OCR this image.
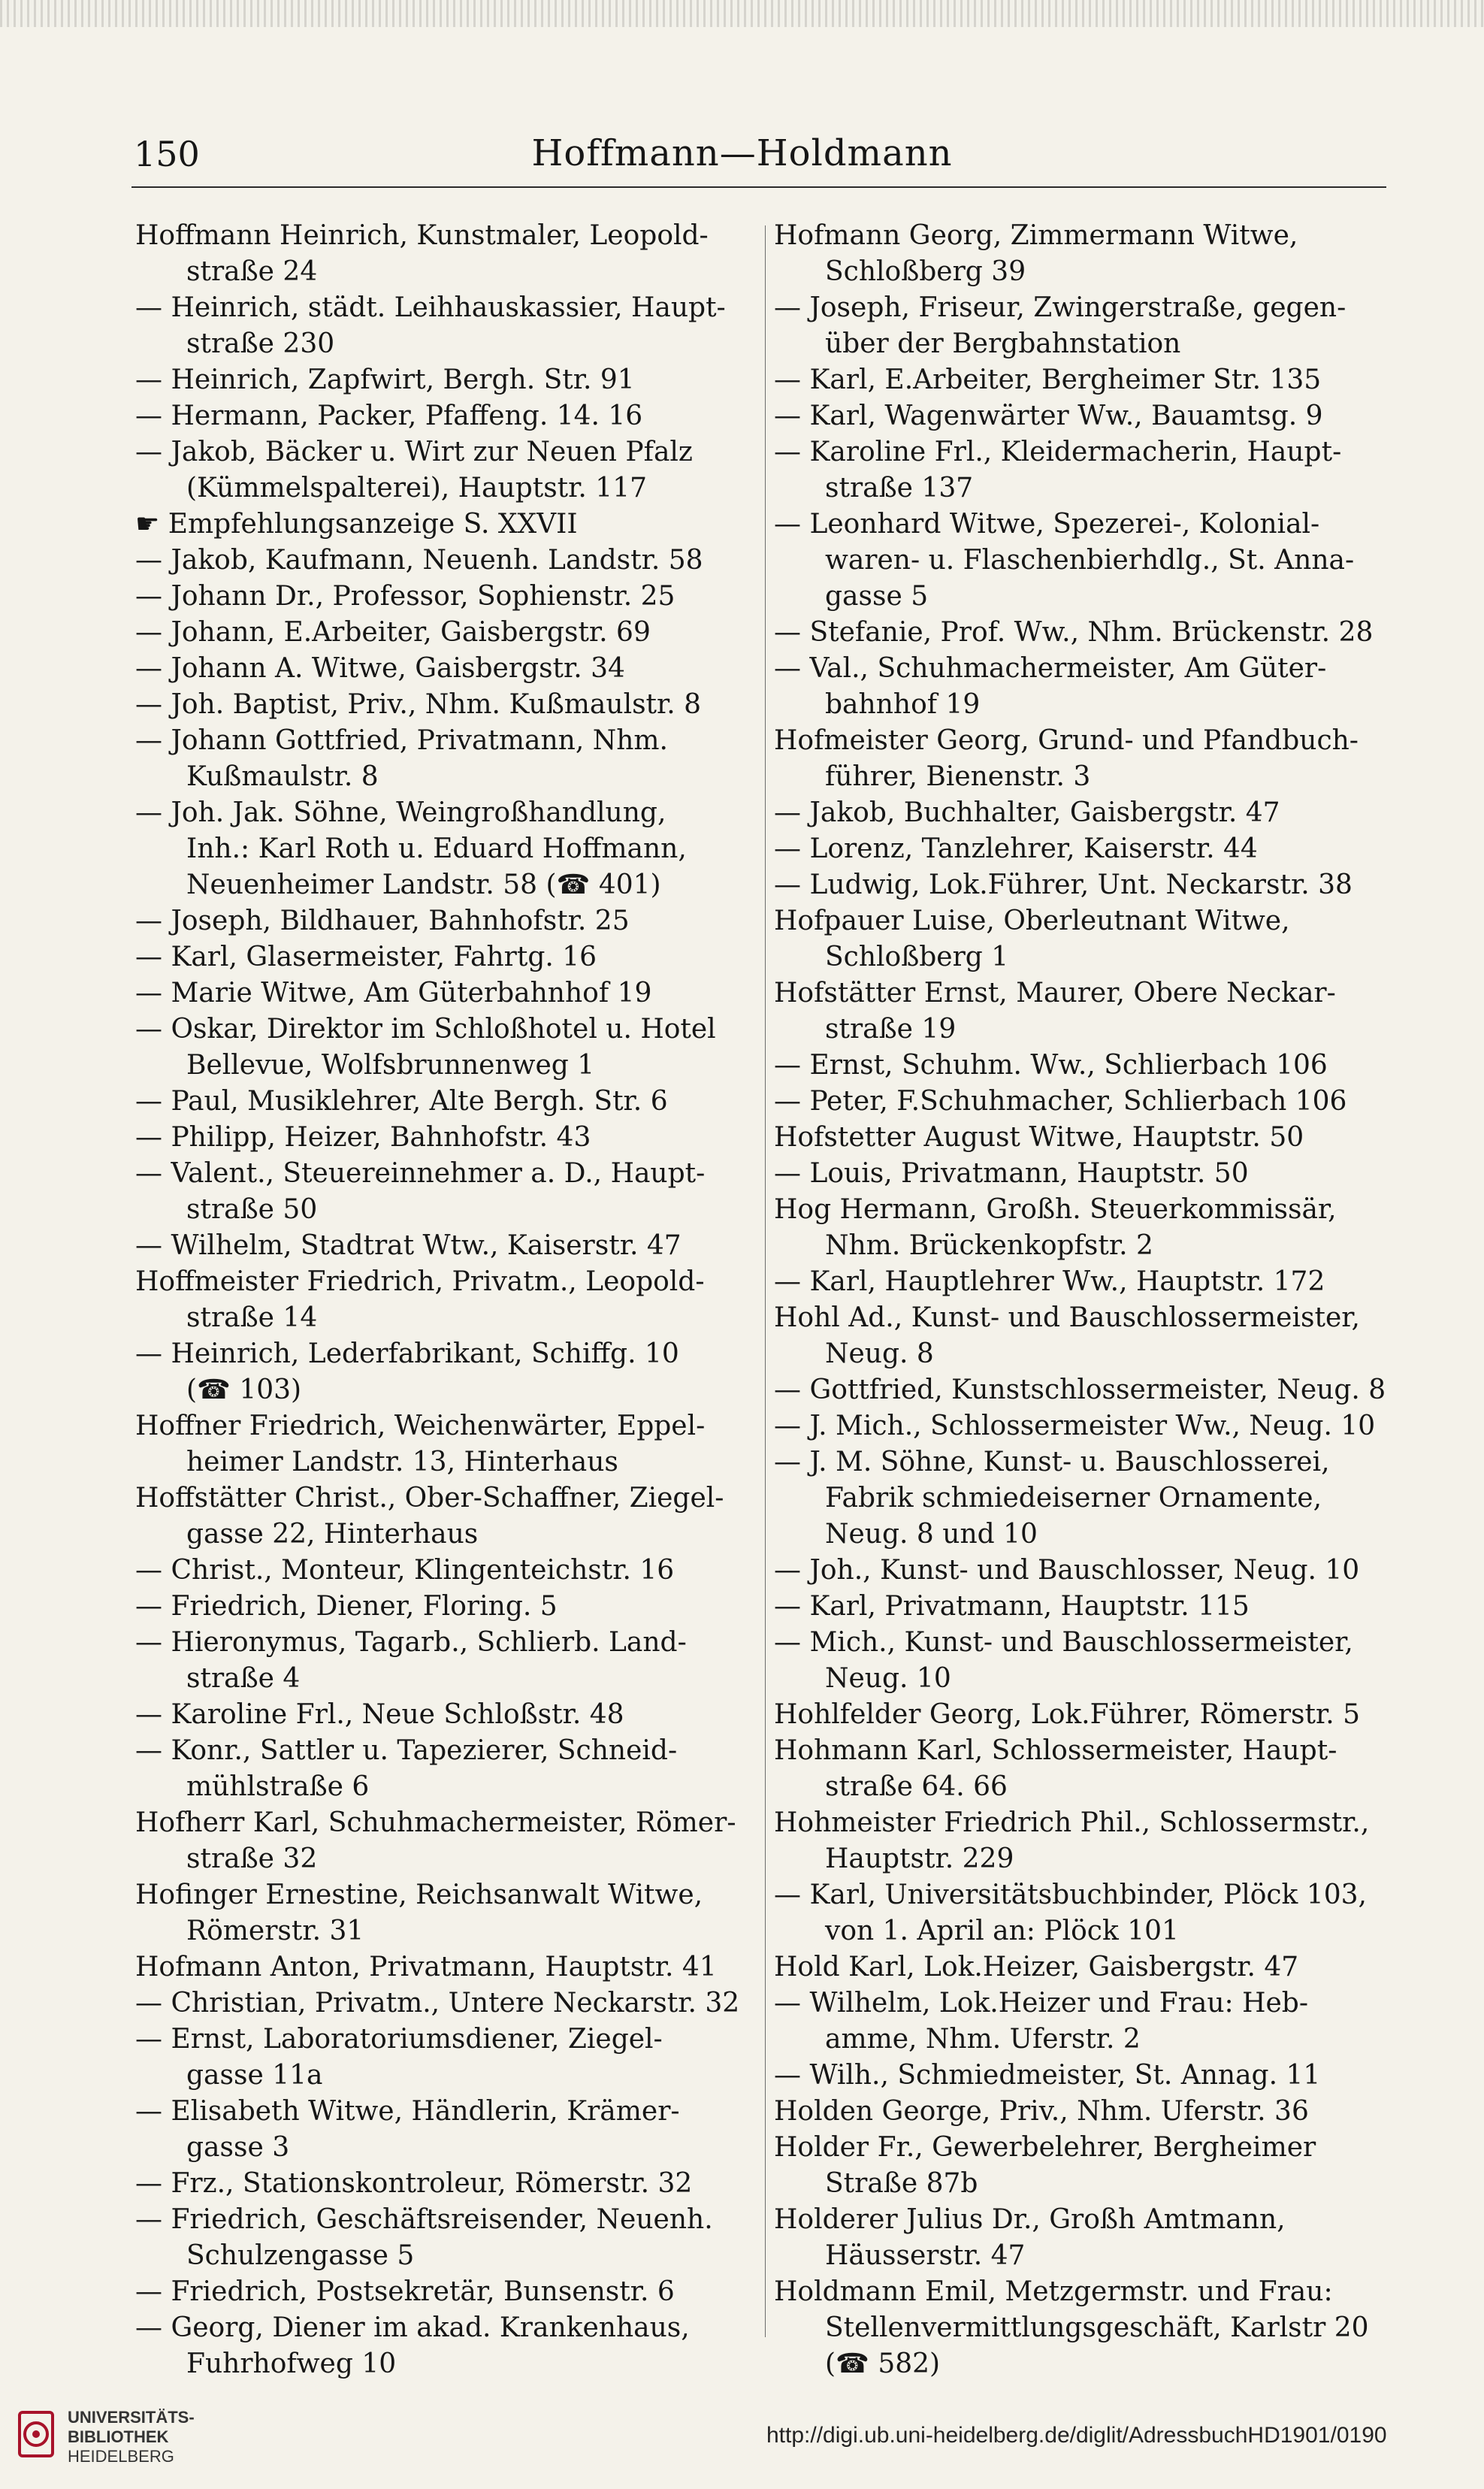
150	Hoffmann—Holdmann

Hoffmann Heinrich, Kunstmaler, Leopold-
straße 24

— Heinrich, städt. Leihhauskassier, Haupt-
straße 230

— Heinrich, Zapfwirt, Bergh. Str. 91

— Hermann, Packer, Pfaffeng. 14. 16

— Jakob, Bäcker u. Wirt zur Neuen Pfalz
(Kümmelspalterei), Hauptstr. 117

☛ Empfehlungsanzeige S. XXVII

— Jakob, Kaufmann, Neuenh. Landstr. 58

— Johann Dr., Professor, Sophienstr. 25

— Johann, E.Arbeiter, Gaisbergstr. 69

— Johann A. Witwe, Gaisbergstr. 34

— Joh. Baptist, Priv., Nhm. Kußmaulstr. 8

— Johann Gottfried, Privatmann, Nhm.
Kußmaulstr. 8

— Joh. Jak. Söhne, Weingroßhandlung,
Inh.: Karl Roth u. Eduard Hoffmann,
Neuenheimer Landstr. 58 (☎ 401)

— Joseph, Bildhauer, Bahnhofstr. 25

— Karl, Glasermeister, Fahrtg. 16

— Marie Witwe, Am Güterbahnhof 19

— Oskar, Direktor im Schloßhotel u. Hotel
Bellevue, Wolfsbrunnenweg 1

— Paul, Musiklehrer, Alte Bergh. Str. 6

— Philipp, Heizer, Bahnhofstr. 43

— Valent., Steuereinnehmer a. D., Haupt-
straße 50

— Wilhelm, Stadtrat Wtw., Kaiserstr. 47

Hoffmeister Friedrich, Privatm., Leopold-
straße 14

— Heinrich, Lederfabrikant, Schiffg. 10
(☎ 103)

Hoffner Friedrich, Weichenwärter, Eppel-
heimer Landstr. 13, Hinterhaus

Hoffstätter Christ., Ober-Schaffner, Ziegel-
gasse 22, Hinterhaus

— Christ., Monteur, Klingenteichstr. 16

— Friedrich, Diener, Floring. 5

— Hieronymus, Tagarb., Schlierb. Land-
straße 4

— Karoline Frl., Neue Schloßstr. 48

— Konr., Sattler u. Tapezierer, Schneid-
mühlstraße 6

Hofherr Karl, Schuhmachermeister, Römer-
straße 32

Hofinger Ernestine, Reichsanwalt Witwe,
Römerstr. 31

Hofmann Anton, Privatmann, Hauptstr. 41

— Christian, Privatm., Untere Neckarstr. 32

— Ernst, Laboratoriumsdiener, Ziegel-
gasse 11a

— Elisabeth Witwe, Händlerin, Krämer-
gasse 3

— Frz., Stationskontroleur, Römerstr. 32

— Friedrich, Geschäftsreisender, Neuenh.
Schulzengasse 5

— Friedrich, Postsekretär, Bunsenstr. 6

— Georg, Diener im akad. Krankenhaus,
Fuhrhofweg 10

Hofmann Georg, Zimmermann Witwe,
Schloßberg 39

— Joseph, Friseur, Zwingerstraße, gegen-
über der Bergbahnstation

— Karl, E.Arbeiter, Bergheimer Str. 135

— Karl, Wagenwärter Ww., Bauamtsg. 9

— Karoline Frl., Kleidermacherin, Haupt-
straße 137

— Leonhard Witwe, Spezerei-, Kolonial-
waren- u. Flaschenbierhdlg., St. Anna-
gasse 5

— Stefanie, Prof. Ww., Nhm. Brückenstr. 28

— Val., Schuhmachermeister, Am Güter-
bahnhof 19

Hofmeister Georg, Grund- und Pfandbuch-
führer, Bienenstr. 3

— Jakob, Buchhalter, Gaisbergstr. 47

— Lorenz, Tanzlehrer, Kaiserstr. 44

— Ludwig, Lok.Führer, Unt. Neckarstr. 38

Hofpauer Luise, Oberleutnant Witwe,
Schloßberg 1

Hofstätter Ernst, Maurer, Obere Neckar-
straße 19

— Ernst, Schuhm. Ww., Schlierbach 106

— Peter, F.Schuhmacher, Schlierbach 106

Hofstetter August Witwe, Hauptstr. 50

— Louis, Privatmann, Hauptstr. 50

Hog Hermann, Großh. Steuerkommissär,
Nhm. Brückenkopfstr. 2

— Karl, Hauptlehrer Ww., Hauptstr. 172

Hohl Ad., Kunst- und Bauschlossermeister,
Neug. 8

— Gottfried, Kunstschlossermeister, Neug. 8

— J. Mich., Schlossermeister Ww., Neug. 10

— J. M. Söhne, Kunst- u. Bauschlosserei,
Fabrik schmiedeiserner Ornamente,
Neug. 8 und 10

— Joh., Kunst- und Bauschlosser, Neug. 10

— Karl, Privatmann, Hauptstr. 115

— Mich., Kunst- und Bauschlossermeister,
Neug. 10

Hohlfelder Georg, Lok.Führer, Römerstr. 5

Hohmann Karl, Schlossermeister, Haupt-
straße 64. 66

Hohmeister Friedrich Phil., Schlossermstr.,
Hauptstr. 229

— Karl, Universitätsbuchbinder, Plöck 103,
von 1. April an: Plöck 101

Hold Karl, Lok.Heizer, Gaisbergstr. 47

— Wilhelm, Lok.Heizer und Frau: Heb-
amme, Nhm. Uferstr. 2

— Wilh., Schmiedmeister, St. Annag. 11

Holden George, Priv., Nhm. Uferstr. 36

Holder Fr., Gewerbelehrer, Bergheimer
Straße 87b

Holderer Julius Dr., Großh Amtmann,
Häusserstr. 47

Holdmann Emil, Metzgermstr. und Frau:
Stellenvermittlungsgeschäft, Karlstr 20
(☎ 582)

UNIVERSITÄTS-
BIBLIOTHEK
HEIDELBERG
http://digi.ub.uni-heidelberg.de/diglit/AdressbuchHD1901/0190
